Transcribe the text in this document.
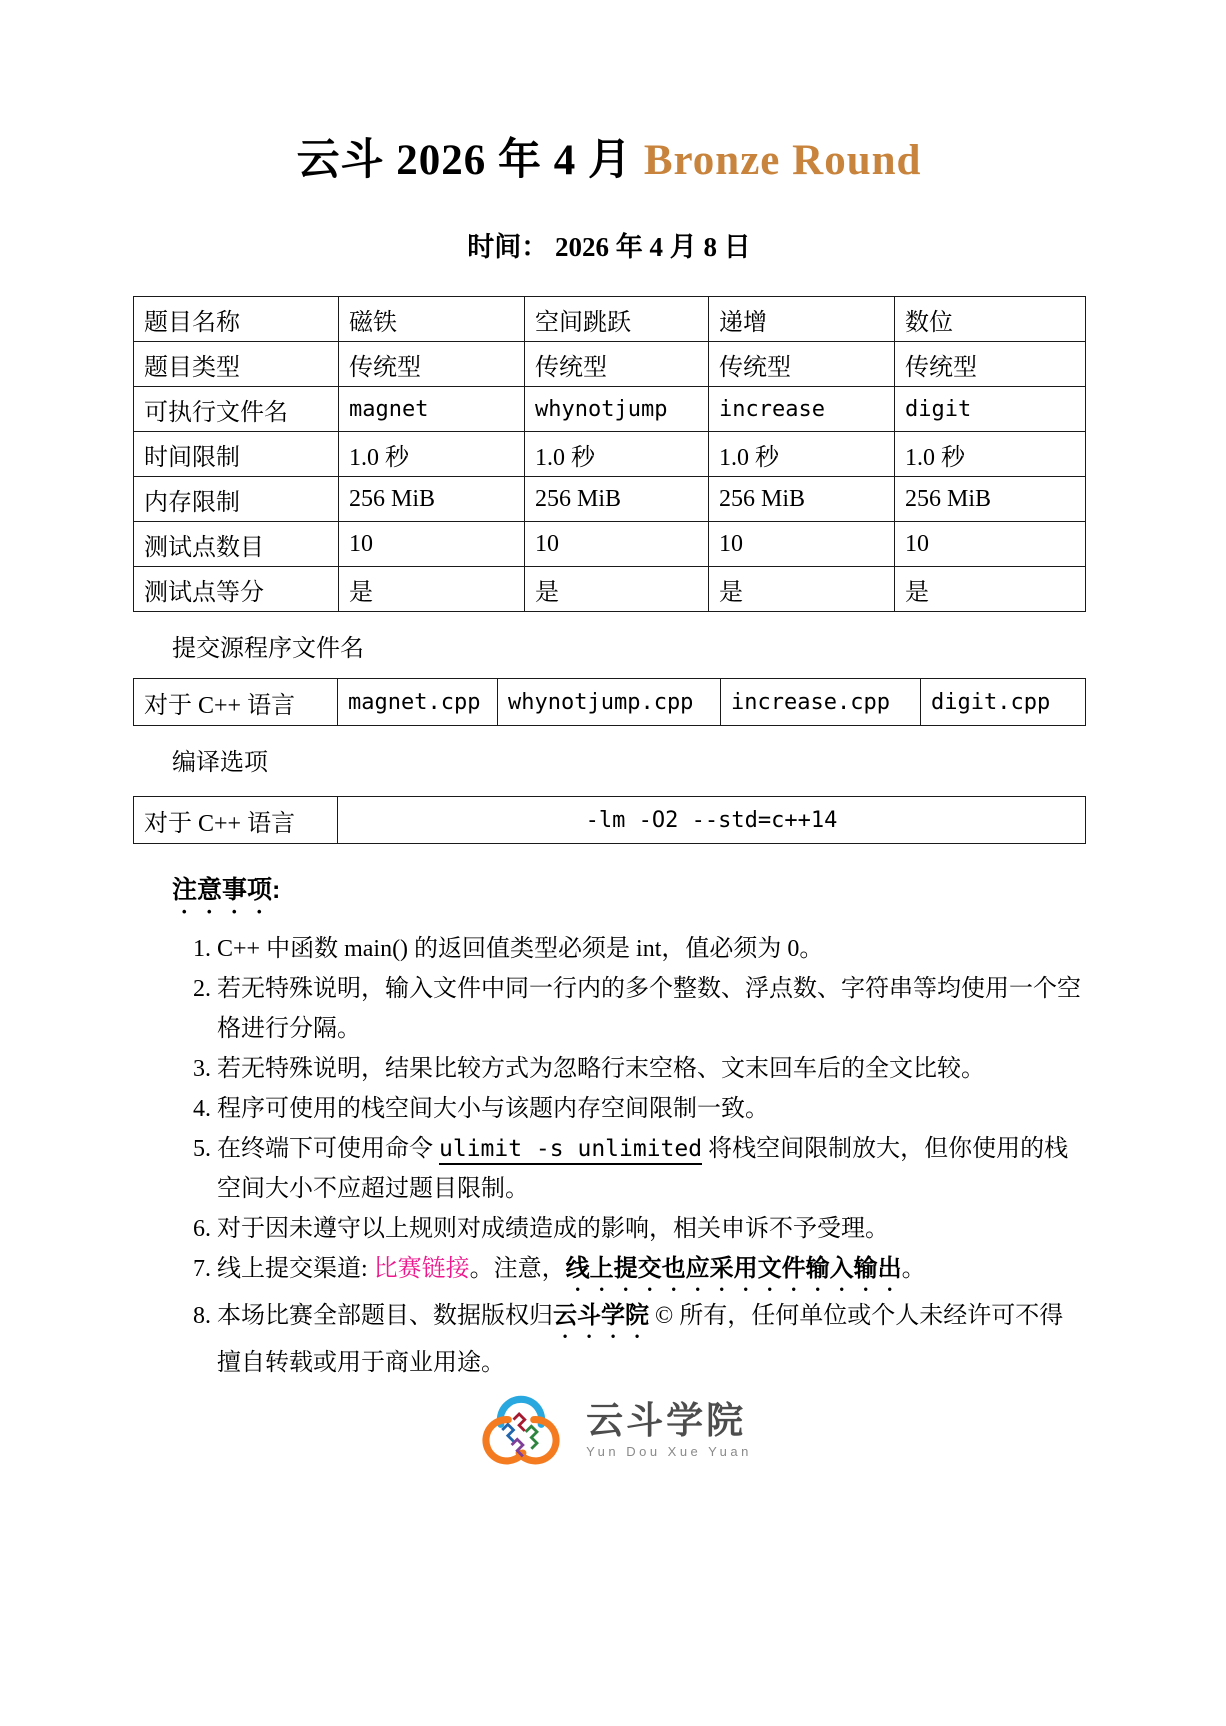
云斗 2026 年 4 月 Bronze Round
时间： 2026 年 4 月 8 日
题目名称	磁铁	空间跳跃	递增	数位
题目类型	传统型	传统型	传统型	传统型
可执行文件名	magnet	whynotjump	increase	digit
时间限制	1.0 秒	1.0 秒	1.0 秒	1.0 秒
内存限制	256 MiB	256 MiB	256 MiB	256 MiB
测试点数目	10	10	10	10
测试点等分	是	是	是	是
提交源程序文件名
对于 C++ 语言	magnet.cpp	whynotjump.cpp	increase.cpp	digit.cpp
编译选项
对于 C++ 语言	-lm -O2 --std=c++14
注意事项:
1. C++ 中函数 main() 的返回值类型必须是 int，值必须为 0。
2. 若无特殊说明，输入文件中同一行内的多个整数、浮点数、字符串等均使用一个空格进行分隔。
3. 若无特殊说明，结果比较方式为忽略行末空格、文末回车后的全文比较。
4. 程序可使用的栈空间大小与该题内存空间限制一致。
5. 在终端下可使用命令 ulimit -s unlimited 将栈空间限制放大，但你使用的栈空间大小不应超过题目限制。
6. 对于因未遵守以上规则对成绩造成的影响，相关申诉不予受理。
7. 线上提交渠道: 比赛链接。注意，线上提交也应采用文件输入输出。
8. 本场比赛全部题目、数据版权归云斗学院 © 所有，任何单位或个人未经许可不得擅自转载或用于商业用途。
云斗学院
Yun Dou Xue Yuan
